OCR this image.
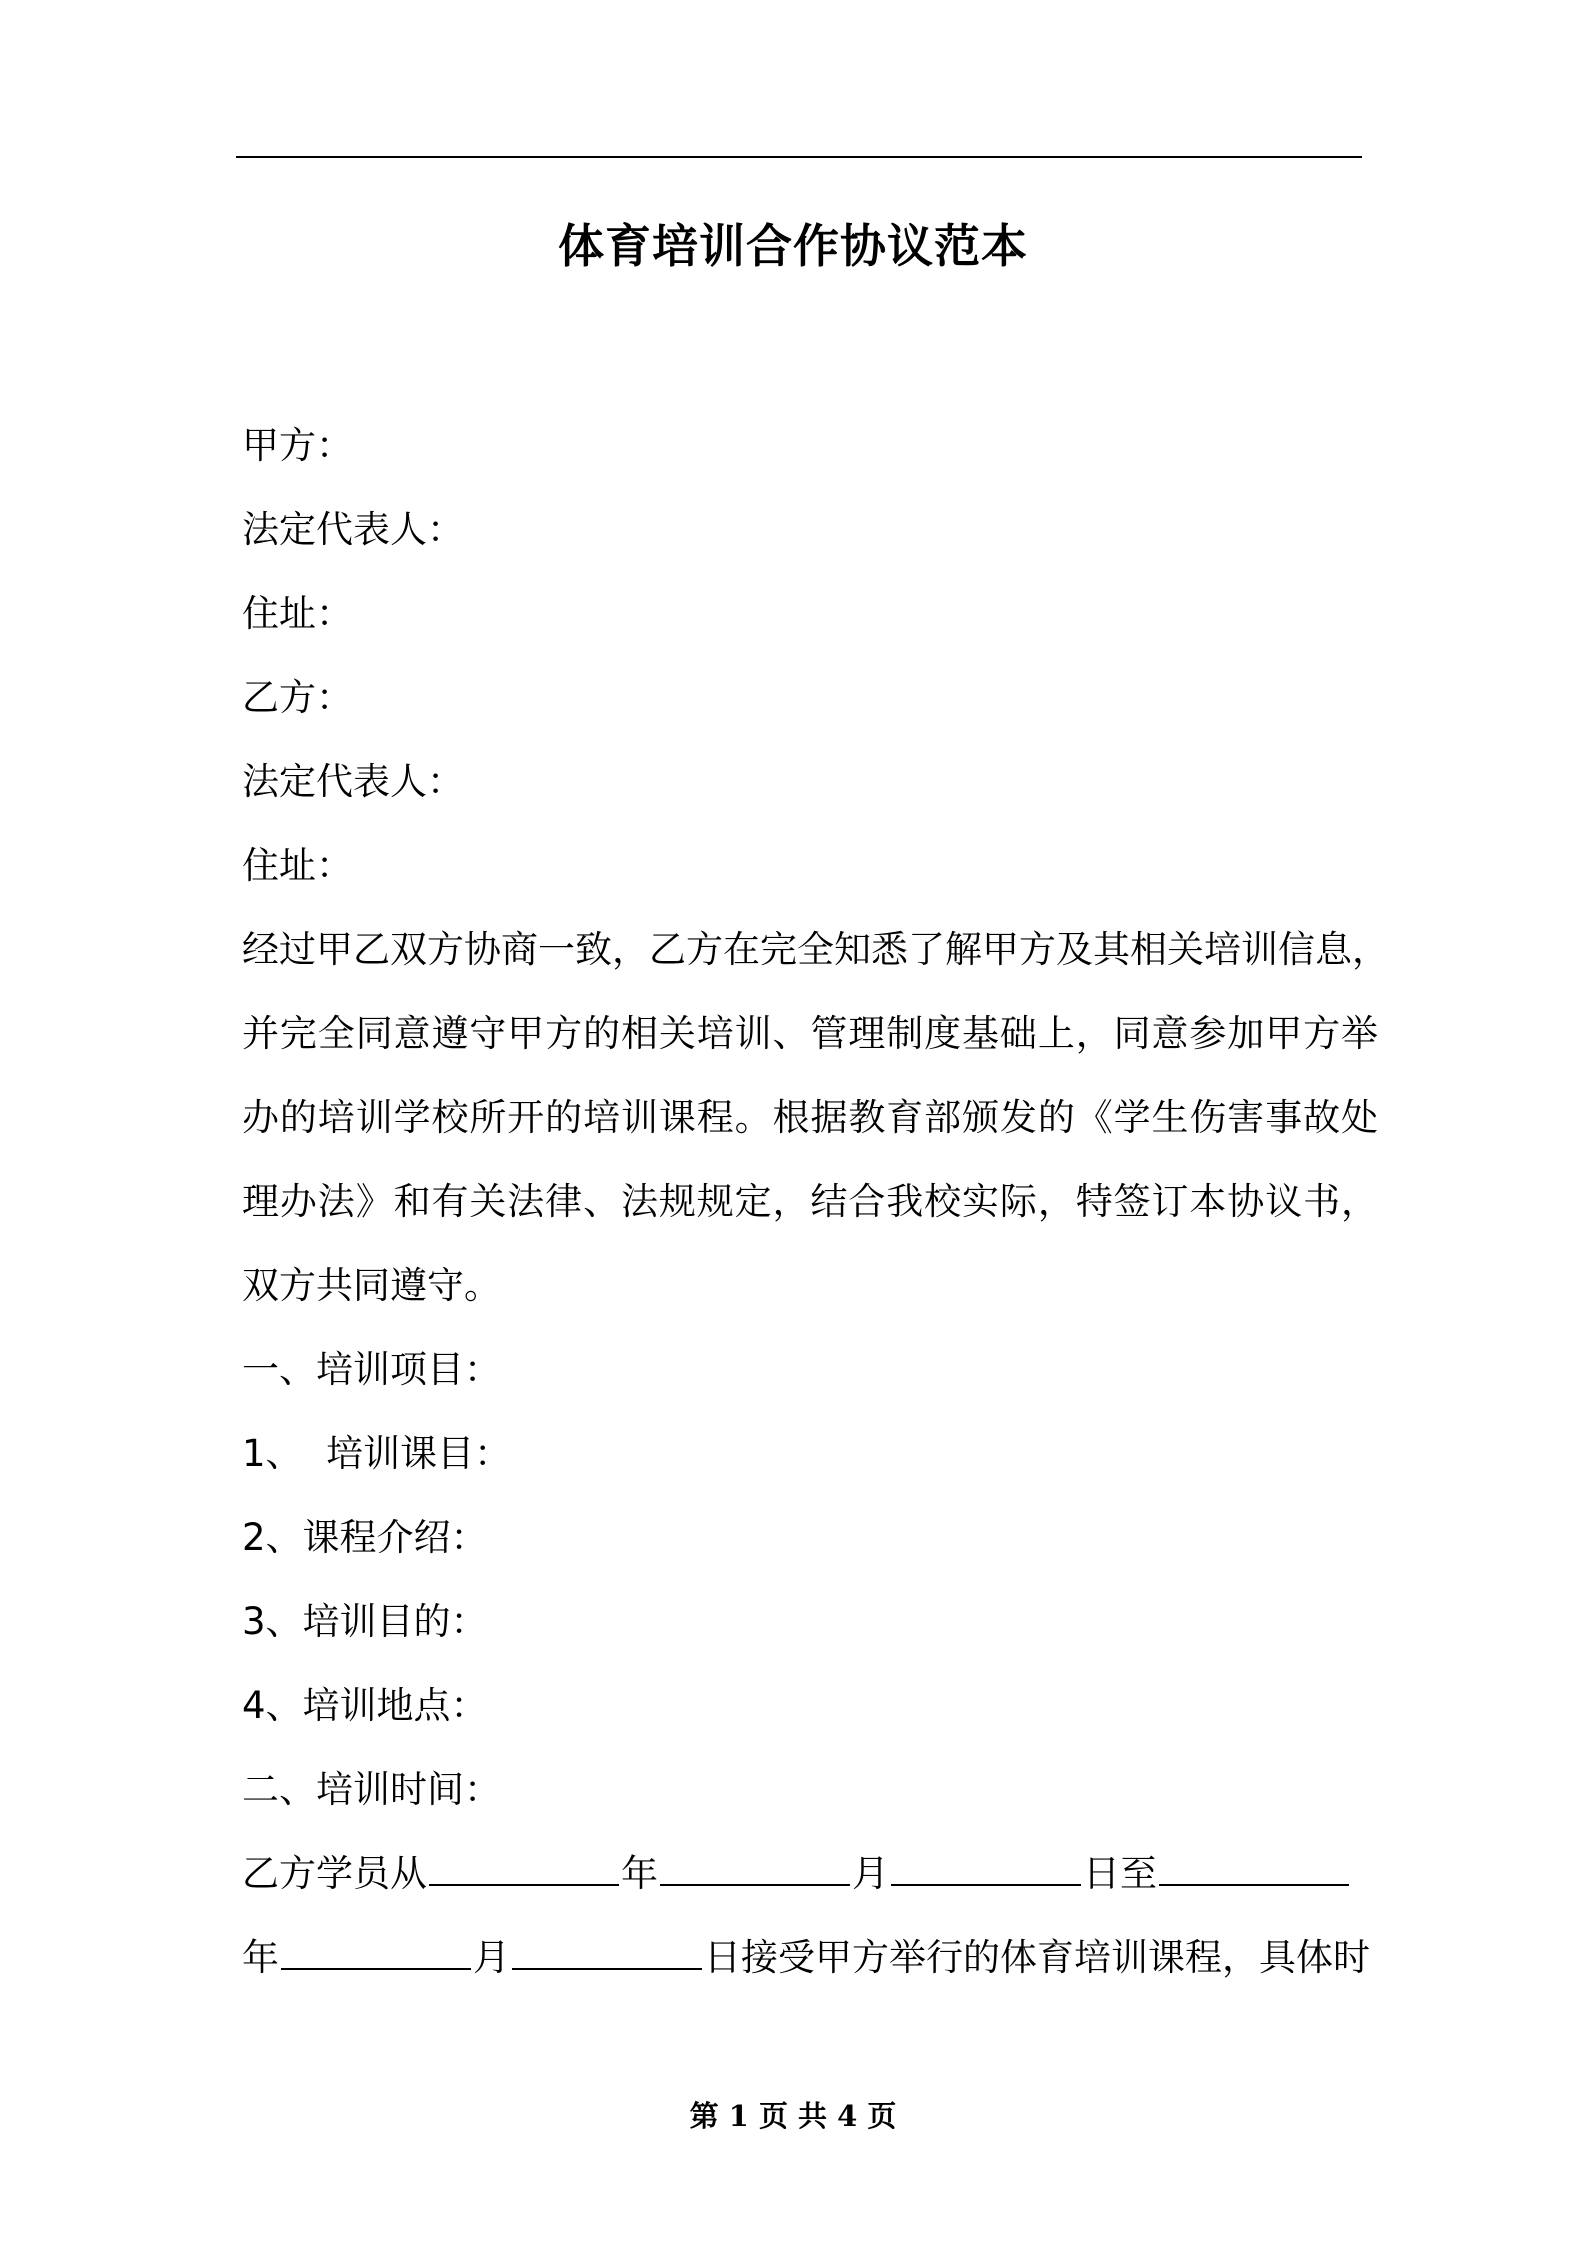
体育培训合作协议范本
甲方：
法定代表人：
住址：
乙方：
法定代表人：
住址：
经过甲乙双方协商一致，乙方在完全知悉了解甲方及其相关培训信息，
并完全同意遵守甲方的相关培训、管理制度基础上，同意参加甲方举
办的培训学校所开的培训课程。根据教育部颁发的《学生伤害事故处
理办法》和有关法律、法规规定，结合我校实际，特签订本协议书，
双方共同遵守。
一、培训项目：
1、  培训课目：
2、课程介绍：
3、培训目的：
4、培训地点：
二、培训时间：
乙方学员从	年	月	日至
年	月	日接受甲方举行的体育培训课程，具体时
第 1 页 共 4 页
